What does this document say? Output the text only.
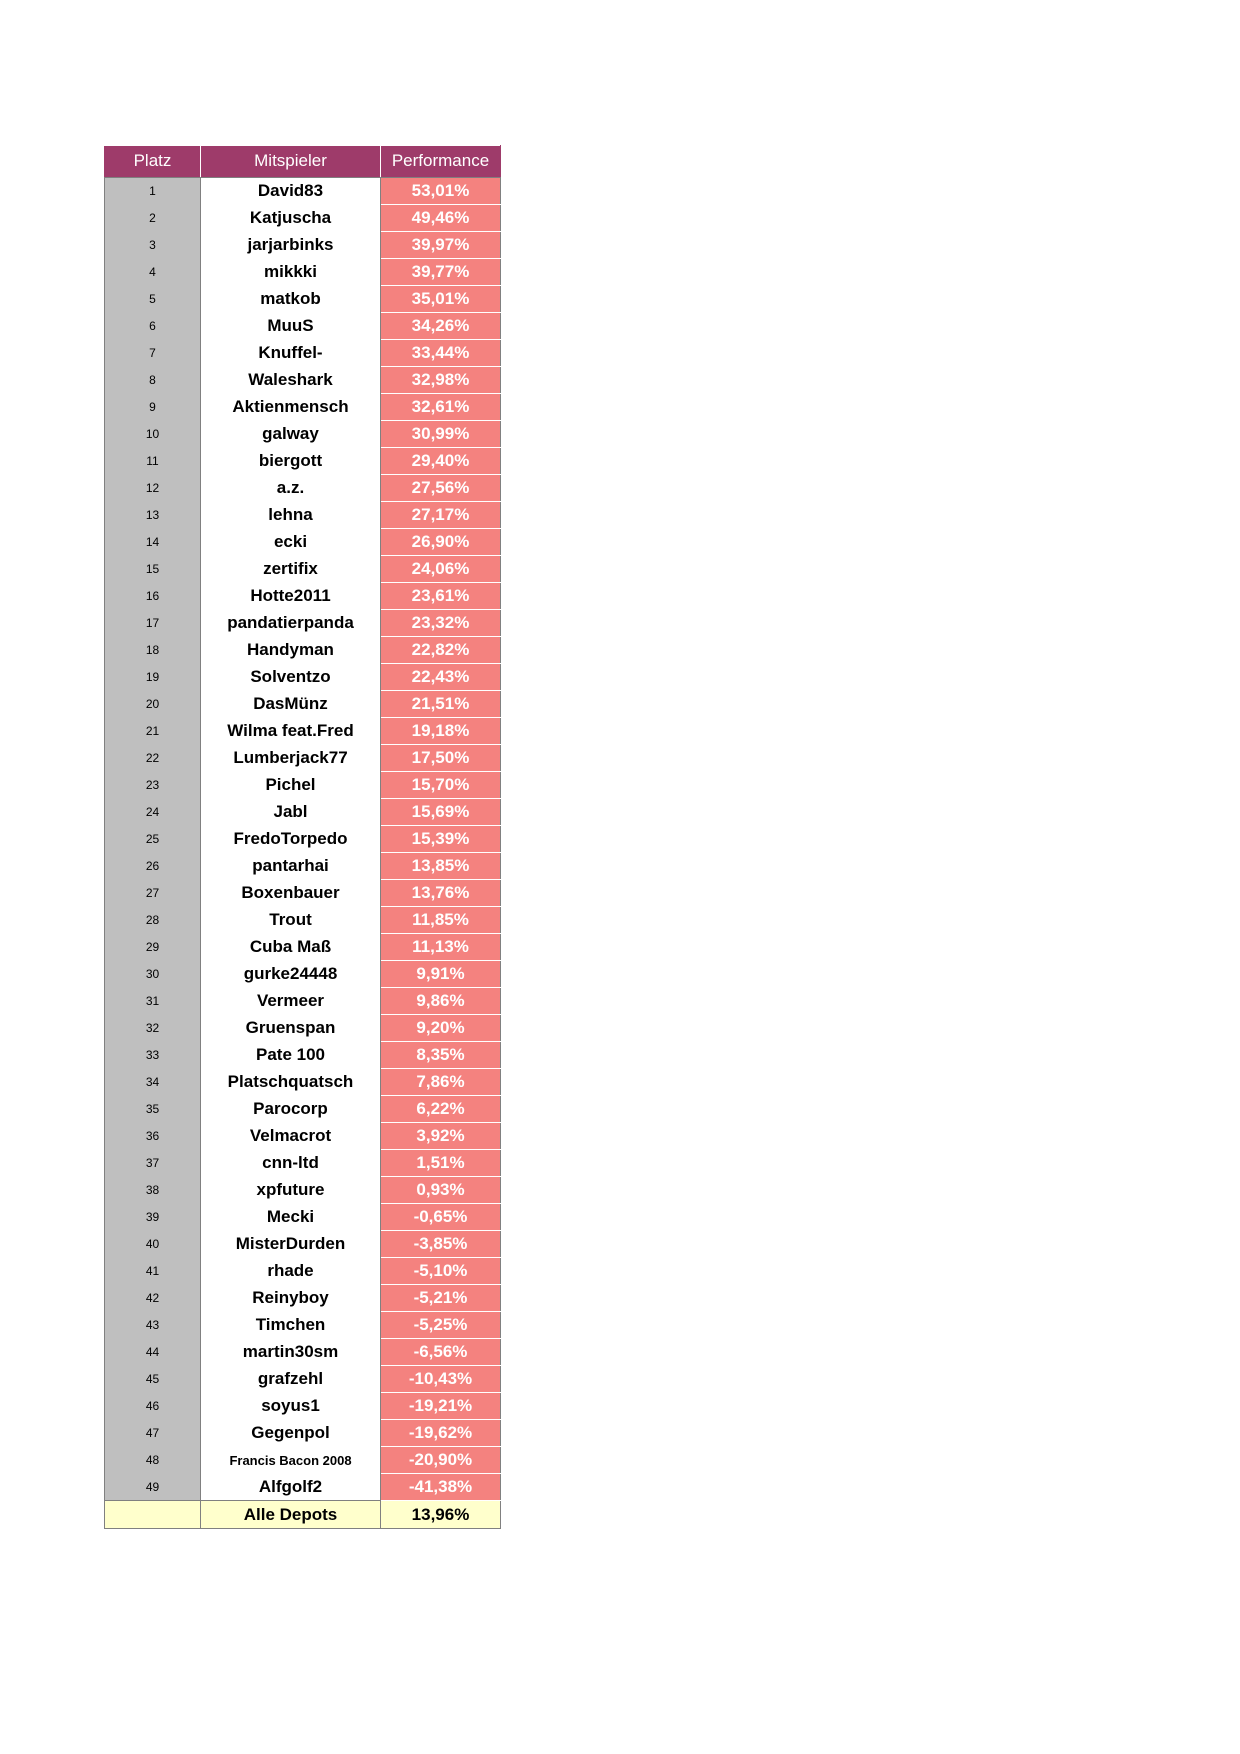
Platz	Mitspieler	Performance
1	David83	53,01%
2	Katjuscha	49,46%
3	jarjarbinks	39,97%
4	mikkki	39,77%
5	matkob	35,01%
6	MuuS	34,26%
7	Knuffel-	33,44%
8	Waleshark	32,98%
9	Aktienmensch	32,61%
10	galway	30,99%
11	biergott	29,40%
12	a.z.	27,56%
13	lehna	27,17%
14	ecki	26,90%
15	zertifix	24,06%
16	Hotte2011	23,61%
17	pandatierpanda	23,32%
18	Handyman	22,82%
19	Solventzo	22,43%
20	DasMünz	21,51%
21	Wilma feat.Fred	19,18%
22	Lumberjack77	17,50%
23	Pichel	15,70%
24	Jabl	15,69%
25	FredoTorpedo	15,39%
26	pantarhai	13,85%
27	Boxenbauer	13,76%
28	Trout	11,85%
29	Cuba Maß	11,13%
30	gurke24448	9,91%
31	Vermeer	9,86%
32	Gruenspan	9,20%
33	Pate 100	8,35%
34	Platschquatsch	7,86%
35	Parocorp	6,22%
36	Velmacrot	3,92%
37	cnn-ltd	1,51%
38	xpfuture	0,93%
39	Mecki	-0,65%
40	MisterDurden	-3,85%
41	rhade	-5,10%
42	Reinyboy	-5,21%
43	Timchen	-5,25%
44	martin30sm	-6,56%
45	grafzehl	-10,43%
46	soyus1	-19,21%
47	Gegenpol	-19,62%
48	Francis Bacon 2008	-20,90%
49	Alfgolf2	-41,38%
	Alle Depots	13,96%
